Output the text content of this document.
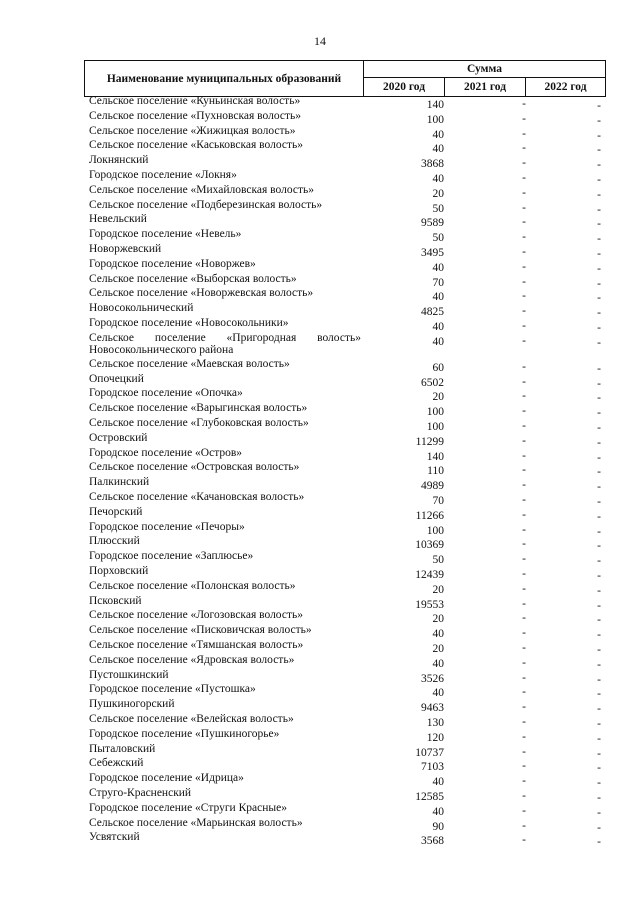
14
Наименование муниципальных образований
Сумма
2020 год	2021 год	2022 год
Сельское поселение «Куньинская волость»	140	-	-
Сельское поселение «Пухновская волость»	100	-	-
Сельское поселение «Жижицкая волость»	40	-	-
Сельское поселение «Каськовская волость»	40	-	-
Локнянский	3868	-	-
Городское поселение «Локня»	40	-	-
Сельское поселение «Михайловская волость»	20	-	-
Сельское поселение «Подберезинская волость»	50	-	-
Невельский	9589	-	-
Городское поселение «Невель»	50	-	-
Новоржевский	3495	-	-
Городское поселение «Новоржев»	40	-	-
Сельское поселение «Выборская волость»	70	-	-
Сельское поселение «Новоржевская волость»	40	-	-
Новосокольнический	4825	-	-
Городское поселение «Новосокольники»	40	-	-
Новосокольнического района
Сельское поселение «Пригородная волость»	40	-	-
Сельское поселение «Маевская волость»	60	-	-
Опочецкий	6502	-	-
Городское поселение «Опочка»	20	-	-
Сельское поселение «Варыгинская волость»	100	-	-
Сельское поселение «Глубоковская волость»	100	-	-
Островский	11299	-	-
Городское поселение «Остров»	140	-	-
Сельское поселение «Островская волость»	110	-	-
Палкинский	4989	-	-
Сельское поселение «Качановская волость»	70	-	-
Печорский	11266	-	-
Городское поселение «Печоры»	100	-	-
Плюсский	10369	-	-
Городское поселение «Заплюсье»	50	-	-
Порховский	12439	-	-
Сельское поселение «Полонская волость»	20	-	-
Псковский	19553	-	-
Сельское поселение «Логозовская волость»	20	-	-
Сельское поселение «Писковичская волость»	40	-	-
Сельское поселение «Тямшанская волость»	20	-	-
Сельское поселение «Ядровская волость»	40	-	-
Пустошкинский	3526	-	-
Городское поселение «Пустошка»	40	-	-
Пушкиногорский	9463	-	-
Сельское поселение «Велейская волость»	130	-	-
Городское поселение «Пушкиногорье»	120	-	-
Пыталовский	10737	-	-
Себежский	7103	-	-
Городское поселение «Идрица»	40	-	-
Струго-Красненский	12585	-	-
Городское поселение «Струги Красные»	40	-	-
Сельское поселение «Марьинская волость»	90	-	-
Усвятский	3568	-	-
